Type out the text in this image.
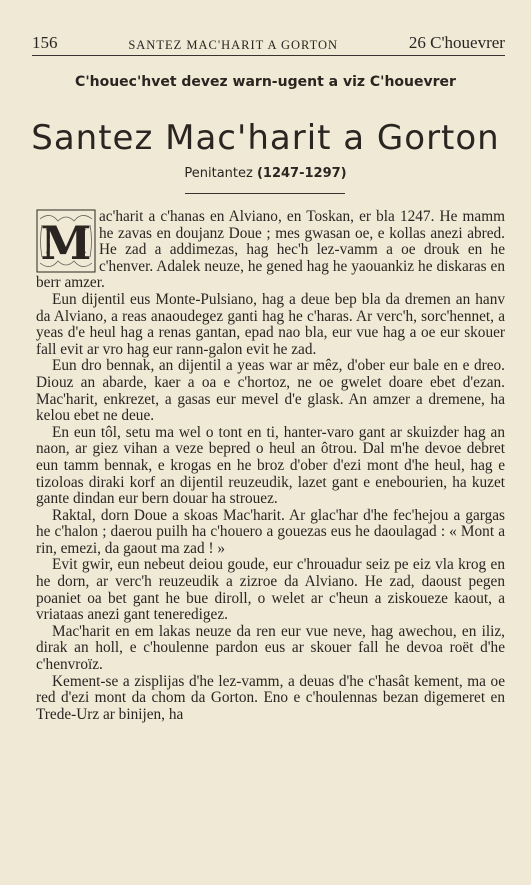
156	SANTEZ MAC'HARIT A GORTON	26 C'houevrer
C'houec'hvet devez warn-ugent a viz C'houevrer
Santez Mac'harit a Gorton
Penitantez (1247-1297)
M ac'harit a c'hanas en Alviano, en Toskan, er bla 1247. He mamm he zavas en doujanz Doue ; mes gwasan oe, e kollas anezi abred. He zad a addimezas, hag hec'h lez-vamm a oe drouk en he c'henver. Adalek neuze, he gened hag he yaouankiz he diskaras en berr amzer.

Eun dijentil eus Monte-Pulsiano, hag a deue bep bla da dremen an hanv da Alviano, a reas anaoudegez ganti hag he c'haras. Ar verc'h, sorc'hennet, a yeas d'e heul hag a renas gantan, epad nao bla, eur vue hag a oe eur skouer fall evit ar vro hag eur rann-galon evit he zad.

Eun dro bennak, an dijentil a yeas war ar mêz, d'ober eur bale en e dreo. Diouz an abarde, kaer a oa e c'hortoz, ne oe gwelet doare ebet d'ezan. Mac'harit, enkrezet, a gasas eur mevel d'e glask. An amzer a dremene, ha kelou ebet ne deue.

En eun tôl, setu ma wel o tont en ti, hanter-varo gant ar skuizder hag an naon, ar giez vihan a veze bepred o heul an ôtrou. Dal m'he devoe debret eun tamm bennak, e krogas en he broz d'ober d'ezi mont d'he heul, hag e tizoloas diraki korf an dijentil reuzeudik, lazet gant e enebourien, ha kuzet gante dindan eur bern douar ha strouez.

Raktal, dorn Doue a skoas Mac'harit. Ar glac'har d'he fec'hejou a gargas he c'halon ; daerou puilh ha c'houero a gouezas eus he daoulagad : « Mont a rin, emezi, da gaout ma zad ! »

Evit gwir, eun nebeut deiou goude, eur c'hrouadur seiz pe eiz vla krog en he dorn, ar verc'h reuzeudik a zizroe da Alviano. He zad, daoust pegen poaniet oa bet gant he bue diroll, o welet ar c'heun a ziskoueze kaout, a vriataas anezi gant teneredigez.

Mac'harit en em lakas neuze da ren eur vue neve, hag awechou, en iliz, dirak an holl, e c'houlenne pardon eus ar skouer fall he devoa roët d'he c'henvroïz.

Kement-se a zisplijas d'he lez-vamm, a deuas d'he c'hasât kement, ma oe red d'ezi mont da chom da Gorton. Eno e c'houlennas bezan digemeret en Trede-Urz ar binijen, ha
